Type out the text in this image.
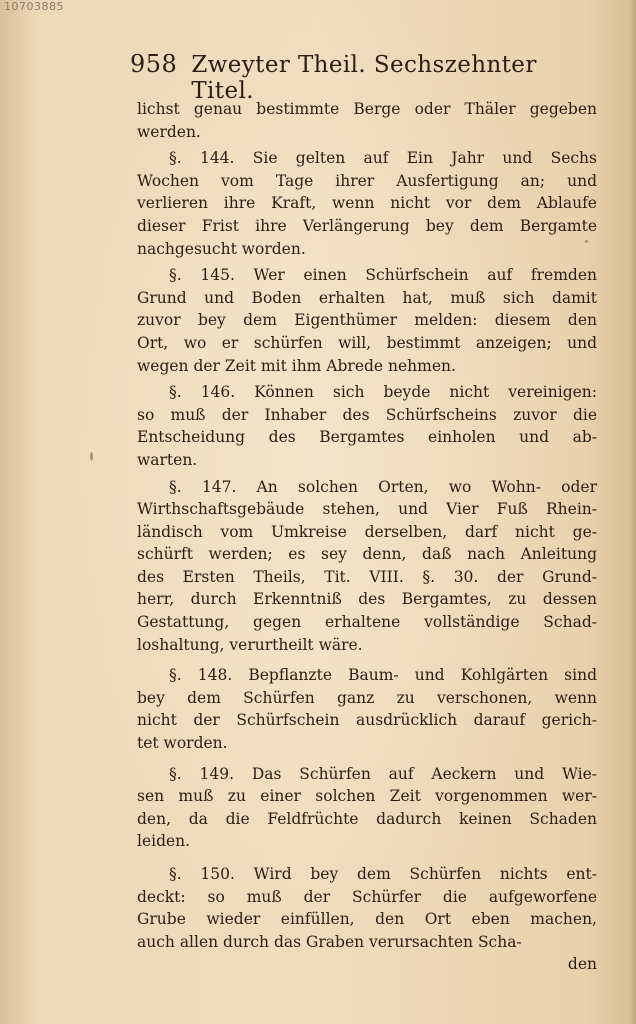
10703885
958 Zweyter Theil. Sechszehnter Titel.
lichst genau bestimmte Berge oder Thäler gegeben
werden.
§. 144. Sie gelten auf Ein Jahr und Sechs
Wochen vom Tage ihrer Ausfertigung an; und
verlieren ihre Kraft, wenn nicht vor dem Ablaufe
dieser Frist ihre Verlängerung bey dem Bergamte
nachgesucht worden.
§. 145. Wer einen Schürfschein auf fremden
Grund und Boden erhalten hat, muß sich damit
zuvor bey dem Eigenthümer melden: diesem den
Ort, wo er schürfen will, bestimmt anzeigen; und
wegen der Zeit mit ihm Abrede nehmen.
§. 146. Können sich beyde nicht vereinigen:
so muß der Inhaber des Schürfscheins zuvor die
Entscheidung des Bergamtes einholen und ab-
warten.
§. 147. An solchen Orten, wo Wohn- oder
Wirthschaftsgebäude stehen, und Vier Fuß Rhein-
ländisch vom Umkreise derselben, darf nicht ge-
schürft werden; es sey denn, daß nach Anleitung
des Ersten Theils, Tit. VIII. §. 30. der Grund-
herr, durch Erkenntniß des Bergamtes, zu dessen
Gestattung, gegen erhaltene vollständige Schad-
loshaltung, verurtheilt wäre.
§. 148. Bepflanzte Baum- und Kohlgärten sind
bey dem Schürfen ganz zu verschonen, wenn
nicht der Schürfschein ausdrücklich darauf gerich-
tet worden.
§. 149. Das Schürfen auf Aeckern und Wie-
sen muß zu einer solchen Zeit vorgenommen wer-
den, da die Feldfrüchte dadurch keinen Schaden
leiden.
§. 150. Wird bey dem Schürfen nichts ent-
deckt: so muß der Schürfer die aufgeworfene
Grube wieder einfüllen, den Ort eben machen,
auch allen durch das Graben verursachten Scha-
den
